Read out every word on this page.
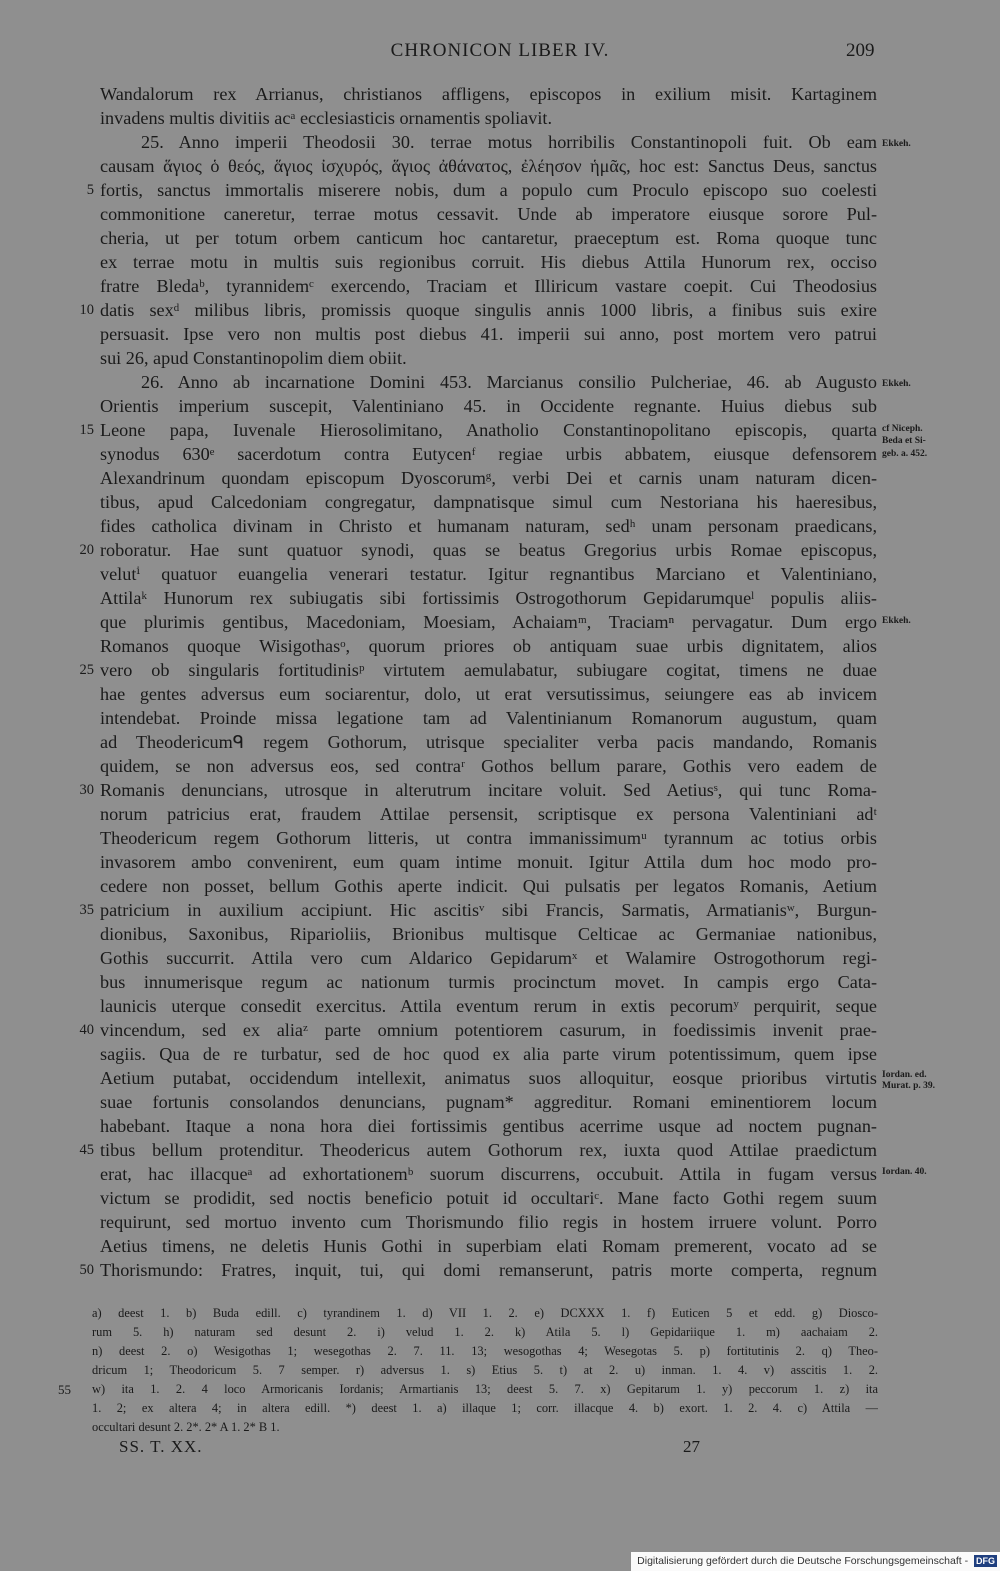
CHRONICON LIBER IV.	209
Wandalorum rex Arrianus, christianos affligens, episcopos in exilium misit. Kartaginem
invadens multis divitiis acᵃ ecclesiasticis ornamentis spoliavit.
25. Anno imperii Theodosii 30. terrae motus horribilis Constantinopoli fuit. Ob eam
causam ἅγιος ὁ θεός, ἅγιος ἰσχυρός, ἅγιος ἀθάνατος, ἐλέησον ἡμᾶς, hoc est: Sanctus Deus, sanctus
fortis, sanctus immortalis miserere nobis, dum a populo cum Proculo episcopo suo coelesti
commonitione caneretur, terrae motus cessavit. Unde ab imperatore eiusque sorore Pul-
cheria, ut per totum orbem canticum hoc cantaretur, praeceptum est. Roma quoque tunc
ex terrae motu in multis suis regionibus corruit. His diebus Attila Hunorum rex, occiso
fratre Bledaᵇ, tyrannidemᶜ exercendo, Traciam et Illiricum vastare coepit. Cui Theodosius
datis sexᵈ milibus libris, promissis quoque singulis annis 1000 libris, a finibus suis exire
persuasit. Ipse vero non multis post diebus 41. imperii sui anno, post mortem vero patrui
sui 26, apud Constantinopolim diem obiit.
26. Anno ab incarnatione Domini 453. Marcianus consilio Pulcheriae, 46. ab Augusto
Orientis imperium suscepit, Valentiniano 45. in Occidente regnante. Huius diebus sub
Leone papa, Iuvenale Hierosolimitano, Anatholio Constantinopolitano episcopis, quarta
synodus 630ᵉ sacerdotum contra Eutycenᶠ regiae urbis abbatem, eiusque defensorem
Alexandrinum quondam episcopum Dyoscorumᵍ, verbi Dei et carnis unam naturam dicen-
tibus, apud Calcedoniam congregatur, dampnatisque simul cum Nestoriana his haeresibus,
fides catholica divinam in Christo et humanam naturam, sedʰ unam personam praedicans,
roboratur. Hae sunt quatuor synodi, quas se beatus Gregorius urbis Romae episcopus,
velutⁱ quatuor euangelia venerari testatur. Igitur regnantibus Marciano et Valentiniano,
Attilaᵏ Hunorum rex subiugatis sibi fortissimis Ostrogothorum Gepidarumqueˡ populis aliis-
que plurimis gentibus, Macedoniam, Moesiam, Achaiamᵐ, Traciamⁿ pervagatur. Dum ergo
Romanos quoque Wisigothasᵒ, quorum priores ob antiquam suae urbis dignitatem, alios
vero ob singularis fortitudinisᵖ virtutem aemulabatur, subiugare cogitat, timens ne duae
hae gentes adversus eum sociarentur, dolo, ut erat versutissimus, seiungere eas ab invicem
intendebat. Proinde missa legatione tam ad Valentinianum Romanorum augustum, quam
ad Theodericumᑫ regem Gothorum, utrisque specialiter verba pacis mandando, Romanis
quidem, se non adversus eos, sed contraʳ Gothos bellum parare, Gothis vero eadem de
Romanis denuncians, utrosque in alterutrum incitare voluit. Sed Aetiusˢ, qui tunc Roma-
norum patricius erat, fraudem Attilae persensit, scriptisque ex persona Valentiniani adᵗ
Theodericum regem Gothorum litteris, ut contra immanissimumᵘ tyrannum ac totius orbis
invasorem ambo convenirent, eum quam intime monuit. Igitur Attila dum hoc modo pro-
cedere non posset, bellum Gothis aperte indicit. Qui pulsatis per legatos Romanis, Aetium
patricium in auxilium accipiunt. Hic ascitisᵛ sibi Francis, Sarmatis, Armatianisʷ, Burgun-
dionibus, Saxonibus, Riparioliis, Brionibus multisque Celticae ac Germaniae nationibus,
Gothis succurrit. Attila vero cum Aldarico Gepidarumˣ et Walamire Ostrogothorum regi-
bus innumerisque regum ac nationum turmis procinctum movet. In campis ergo Cata-
launicis uterque consedit exercitus. Attila eventum rerum in extis pecorumʸ perquirit, seque
vincendum, sed ex aliaᶻ parte omnium potentiorem casurum, in foedissimis invenit prae-
sagiis. Qua de re turbatur, sed de hoc quod ex alia parte virum potentissimum, quem ipse
Aetium putabat, occidendum intellexit, animatus suos alloquitur, eosque prioribus virtutis
suae fortunis consolandos denuncians, pugnam* aggreditur. Romani eminentiorem locum
habebant. Itaque a nona hora diei fortissimis gentibus acerrime usque ad noctem pugnan-
tibus bellum protenditur. Theodericus autem Gothorum rex, iuxta quod Attilae praedictum
erat, hac illacqueᵃ ad exhortationemᵇ suorum discurrens, occubuit. Attila in fugam versus
victum se prodidit, sed noctis beneficio potuit id occultariᶜ. Mane facto Gothi regem suum
requirunt, sed mortuo invento cum Thorismundo filio regis in hostem irruere volunt. Porro
Aetius timens, ne deletis Hunis Gothi in superbiam elati Romam premerent, vocato ad se
Thorismundo: Fratres, inquit, tui, qui domi remanserunt, patris morte comperta, regnum
5
10
15
20
25
30
35
40
45
50
Ekkeh.
Ekkeh.
cf Niceph.
Beda et Si-
geb. a. 452.
Ekkeh.
Iordan. ed.
Murat. p. 39.
Iordan. 40.
a) deest 1. b) Buda edill. c) tyrandinem 1. d) VII 1. 2. e) DCXXX 1. f) Euticen 5 et edd. g) Diosco-
rum 5. h) naturam sed desunt 2. i) velud 1. 2. k) Atila 5. l) Gepidariique 1. m) aachaiam 2.
n) deest 2. o) Wesigothas 1; wesegothas 2. 7. 11. 13; wesogothas 4; Wesegotas 5. p) fortitutinis 2. q) Theo-
dricum 1; Theodoricum 5. 7 semper. r) adversus 1. s) Etius 5. t) at 2. u) inman. 1. 4. v) asscitis 1. 2.
w) ita 1. 2. 4 loco Armoricanis Iordanis; Armartianis 13; deest 5. 7. x) Gepitarum 1. y) peccorum 1. z) ita
1. 2; ex altera 4; in altera edill. *) deest 1. a) illaque 1; corr. illacque 4. b) exort. 1. 2. 4. c) Attila —
occultari desunt 2. 2*. 2* A 1. 2* B 1.
55
SS. T. XX.	27
Digitalisierung gefördert durch die Deutsche Forschungsgemeinschaft - DFG
